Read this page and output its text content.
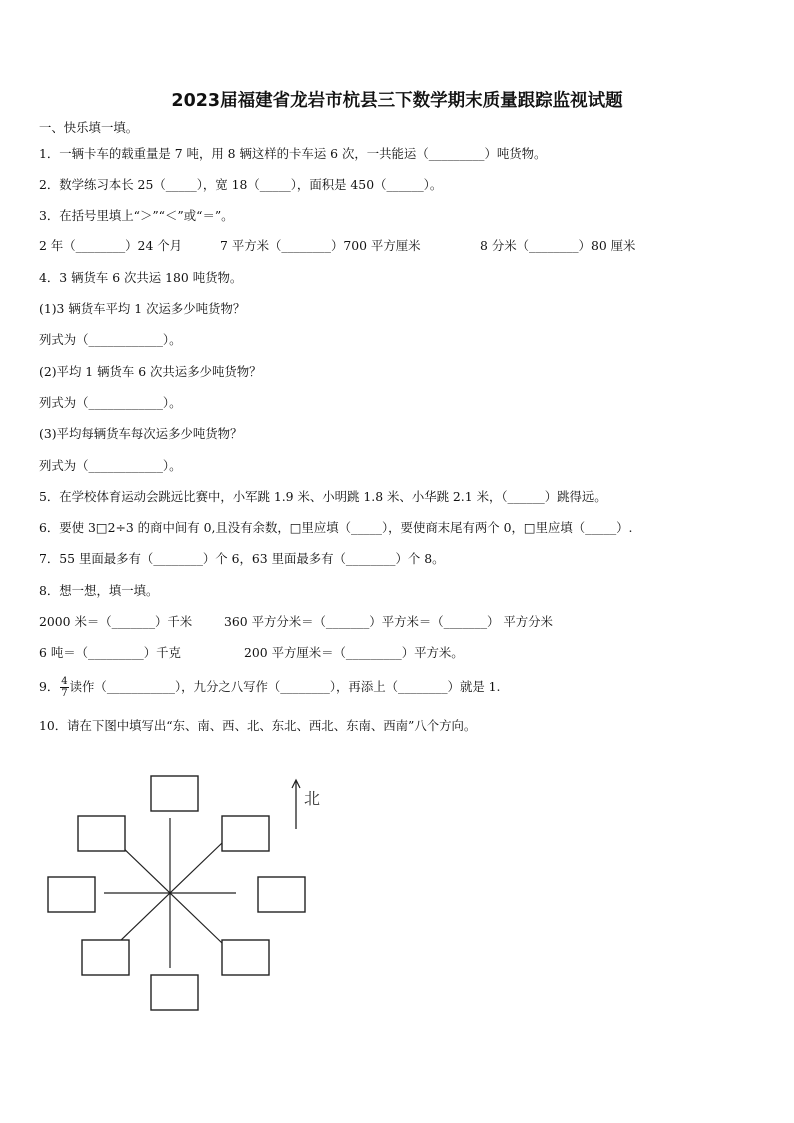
2023届福建省龙岩市杭县三下数学期末质量跟踪监视试题
一、快乐填一填。
1．一辆卡车的载重量是 7 吨，用 8 辆这样的卡车运 6 次，一共能运（_________）吨货物。
2．数学练习本长 25（_____），宽 18（_____），面积是 450（______）。
3．在括号里填上“＞”“＜”或“＝”。
2 年（________）24 个月	7 平方米（________）700 平方厘米	8 分米（________）80 厘米
4．3 辆货车 6 次共运 180 吨货物。
(1)3 辆货车平均 1 次运多少吨货物？
列式为（____________）。
(2)平均 1 辆货车 6 次共运多少吨货物？
列式为（____________）。
(3)平均每辆货车每次运多少吨货物？
列式为（____________）。
5．在学校体育运动会跳远比赛中，小军跳 1.9 米、小明跳 1.8 米、小华跳 2.1 米，（______）跳得远。
6．要使 3□2÷3 的商中间有 0,且没有余数，□里应填（_____），要使商末尾有两个 0，□里应填（_____）.
7．55 里面最多有（________）个 6，63 里面最多有（________）个 8。
8．想一想，填一填。
2000 米＝（_______）千米	360 平方分米＝（_______）平方米＝（_______） 平方分米
6 吨＝（_________）千克	200 平方厘米＝（_________）平方米。
9． $\frac{4}{7}$ 读作（___________），九分之八写作（________），再添上（________）就是 1.
10．请在下图中填写出“东、南、西、北、东北、西北、东南、西南”八个方向。
北
